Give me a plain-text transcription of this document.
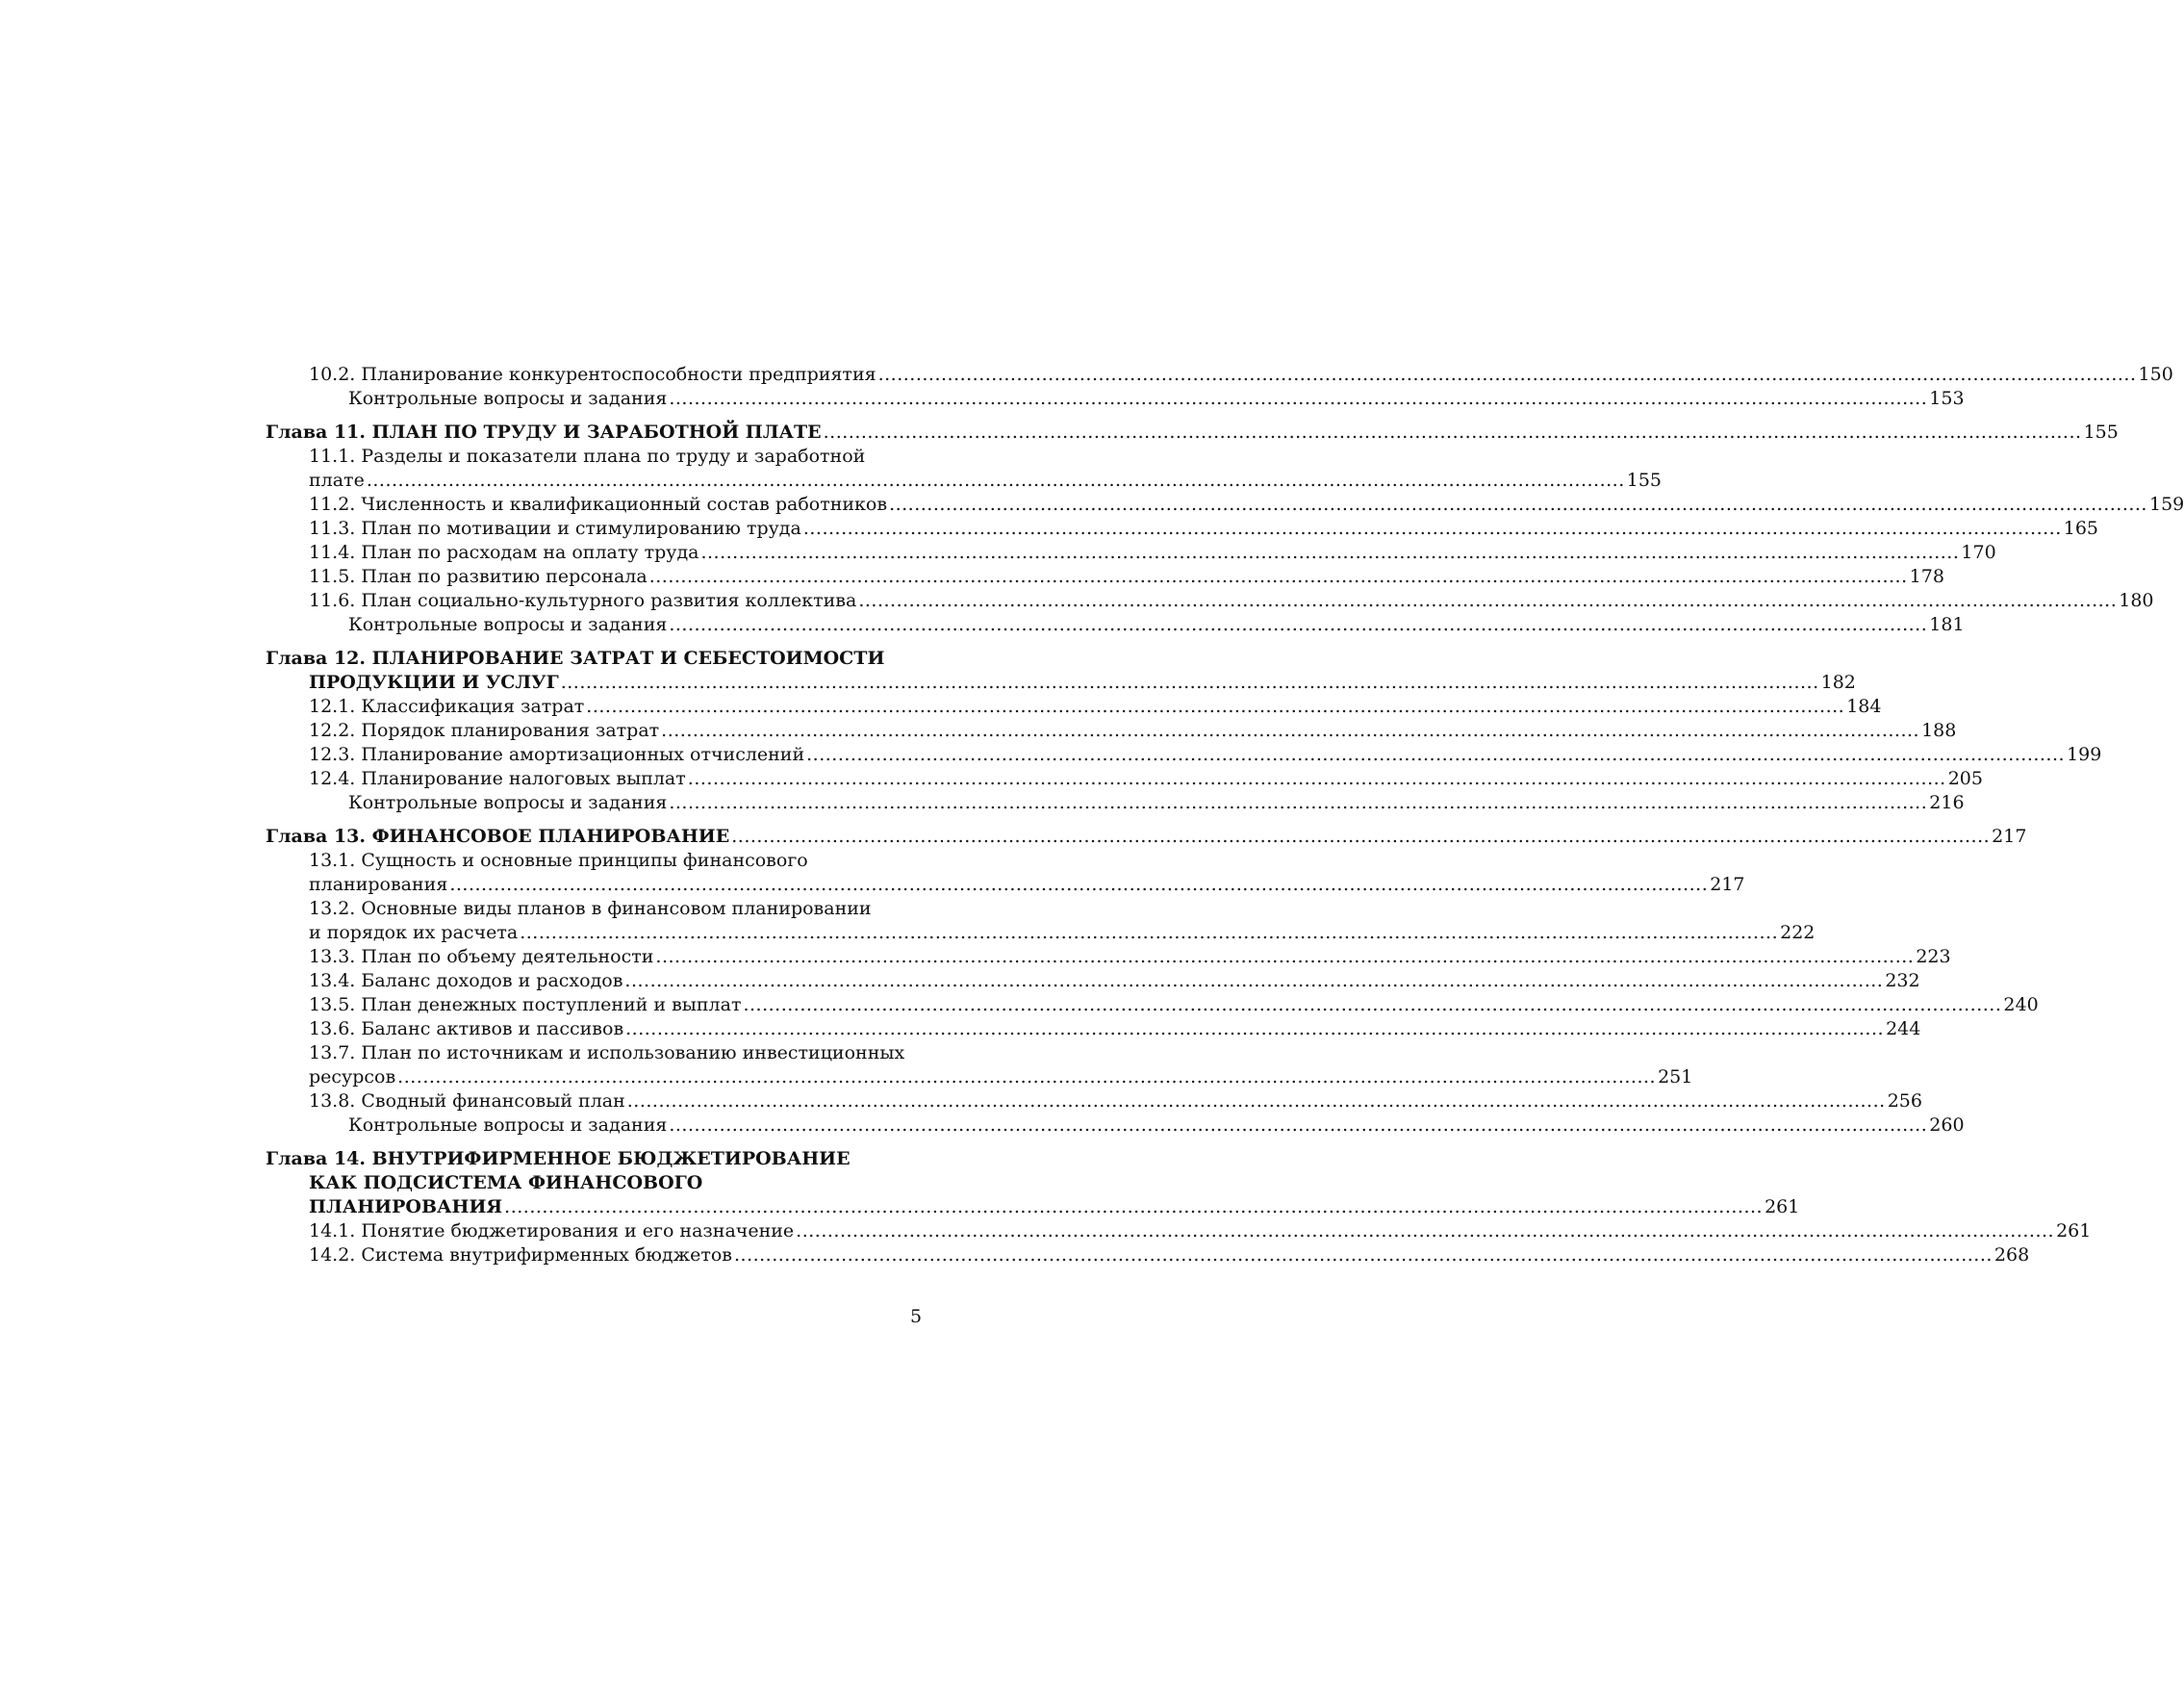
10.2. Планирование конкурентоспособности предприятия ........................................................................................................................................................................................................ 150
Контрольные вопросы и задания ........................................................................................................................................................................................................ 153
Глава 11. ПЛАН ПО ТРУДУ И ЗАРАБОТНОЙ ПЛАТЕ ........................................................................................................................................................................................................ 155
11.1. Разделы и показатели плана по труду и заработной
плате ........................................................................................................................................................................................................ 155
11.2. Численность и квалификационный состав работников ........................................................................................................................................................................................................ 159
11.3. План по мотивации и стимулированию труда ........................................................................................................................................................................................................ 165
11.4. План по расходам на оплату труда ........................................................................................................................................................................................................ 170
11.5. План по развитию персонала ........................................................................................................................................................................................................ 178
11.6. План социально-культурного развития коллектива ........................................................................................................................................................................................................ 180
Контрольные вопросы и задания ........................................................................................................................................................................................................ 181
Глава 12. ПЛАНИРОВАНИЕ ЗАТРАТ И СЕБЕСТОИМОСТИ
ПРОДУКЦИИ И УСЛУГ ........................................................................................................................................................................................................ 182
12.1. Классификация затрат ........................................................................................................................................................................................................ 184
12.2. Порядок планирования затрат ........................................................................................................................................................................................................ 188
12.3. Планирование амортизационных отчислений ........................................................................................................................................................................................................ 199
12.4. Планирование налоговых выплат ........................................................................................................................................................................................................ 205
Контрольные вопросы и задания ........................................................................................................................................................................................................ 216
Глава 13. ФИНАНСОВОЕ ПЛАНИРОВАНИЕ ........................................................................................................................................................................................................ 217
13.1. Сущность и основные принципы финансового
планирования ........................................................................................................................................................................................................ 217
13.2. Основные виды планов в финансовом планировании
и порядок их расчета ........................................................................................................................................................................................................ 222
13.3. План по объему деятельности ........................................................................................................................................................................................................ 223
13.4. Баланс доходов и расходов ........................................................................................................................................................................................................ 232
13.5. План денежных поступлений и выплат ........................................................................................................................................................................................................ 240
13.6. Баланс активов и пассивов ........................................................................................................................................................................................................ 244
13.7. План по источникам и использованию инвестиционных
ресурсов ........................................................................................................................................................................................................ 251
13.8. Сводный финансовый план ........................................................................................................................................................................................................ 256
Контрольные вопросы и задания ........................................................................................................................................................................................................ 260
Глава 14. ВНУТРИФИРМЕННОЕ БЮДЖЕТИРОВАНИЕ
КАК ПОДСИСТЕМА ФИНАНСОВОГО
ПЛАНИРОВАНИЯ ........................................................................................................................................................................................................ 261
14.1. Понятие бюджетирования и его назначение ........................................................................................................................................................................................................ 261
14.2. Система внутрифирменных бюджетов ........................................................................................................................................................................................................ 268
5
